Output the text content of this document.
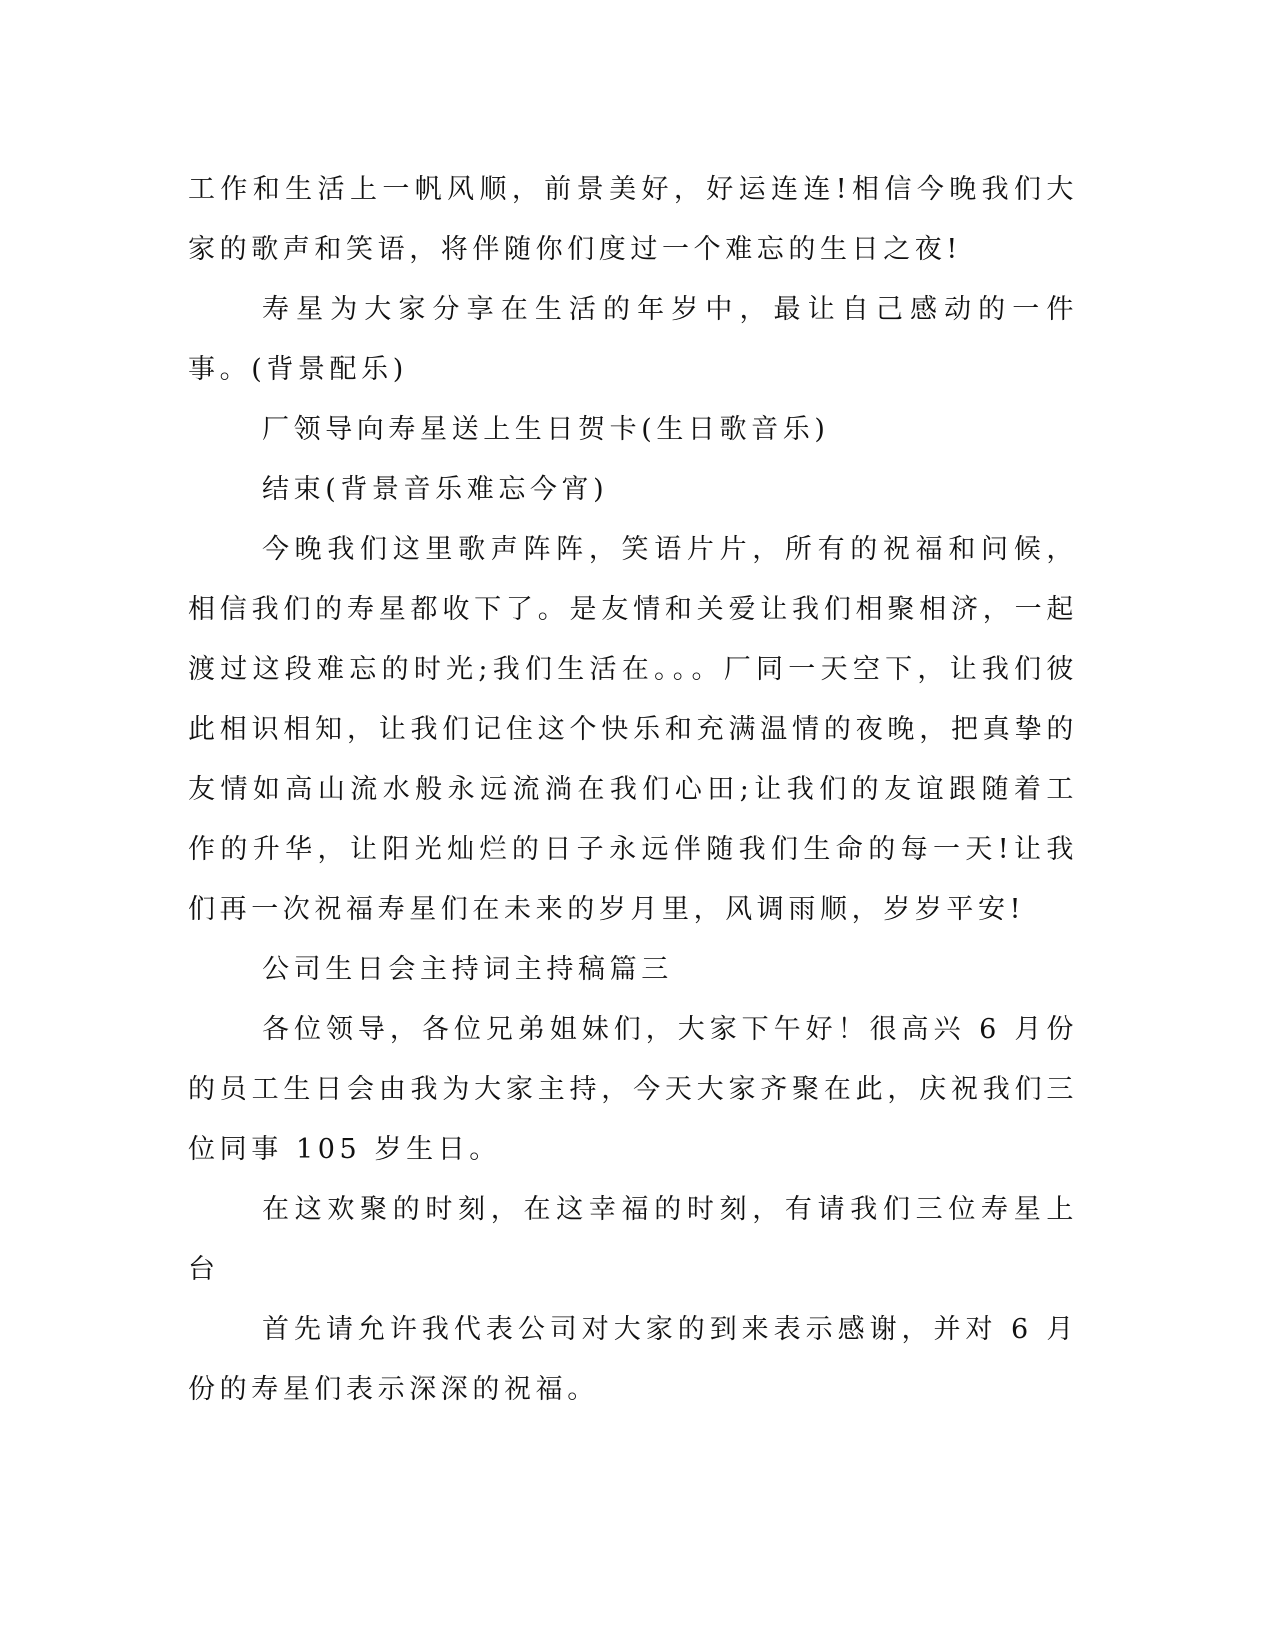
工作和生活上一帆风顺，前景美好，好运连连!相信今晚我们大家的歌声和笑语，将伴随你们度过一个难忘的生日之夜!

寿星为大家分享在生活的年岁中，最让自己感动的一件事。(背景配乐)

厂领导向寿星送上生日贺卡(生日歌音乐)

结束(背景音乐难忘今宵)

今晚我们这里歌声阵阵，笑语片片，所有的祝福和问候，相信我们的寿星都收下了。是友情和关爱让我们相聚相济，一起渡过这段难忘的时光;我们生活在。。。厂同一天空下，让我们彼此相识相知，让我们记住这个快乐和充满温情的夜晚，把真挚的友情如高山流水般永远流淌在我们心田;让我们的友谊跟随着工作的升华，让阳光灿烂的日子永远伴随我们生命的每一天!让我们再一次祝福寿星们在未来的岁月里，风调雨顺，岁岁平安!

公司生日会主持词主持稿篇三

各位领导，各位兄弟姐妹们，大家下午好！很高兴 6 月份的员工生日会由我为大家主持，今天大家齐聚在此，庆祝我们三位同事 105 岁生日。

在这欢聚的时刻，在这幸福的时刻，有请我们三位寿星上台

首先请允许我代表公司对大家的到来表示感谢，并对 6 月份的寿星们表示深深的祝福。
